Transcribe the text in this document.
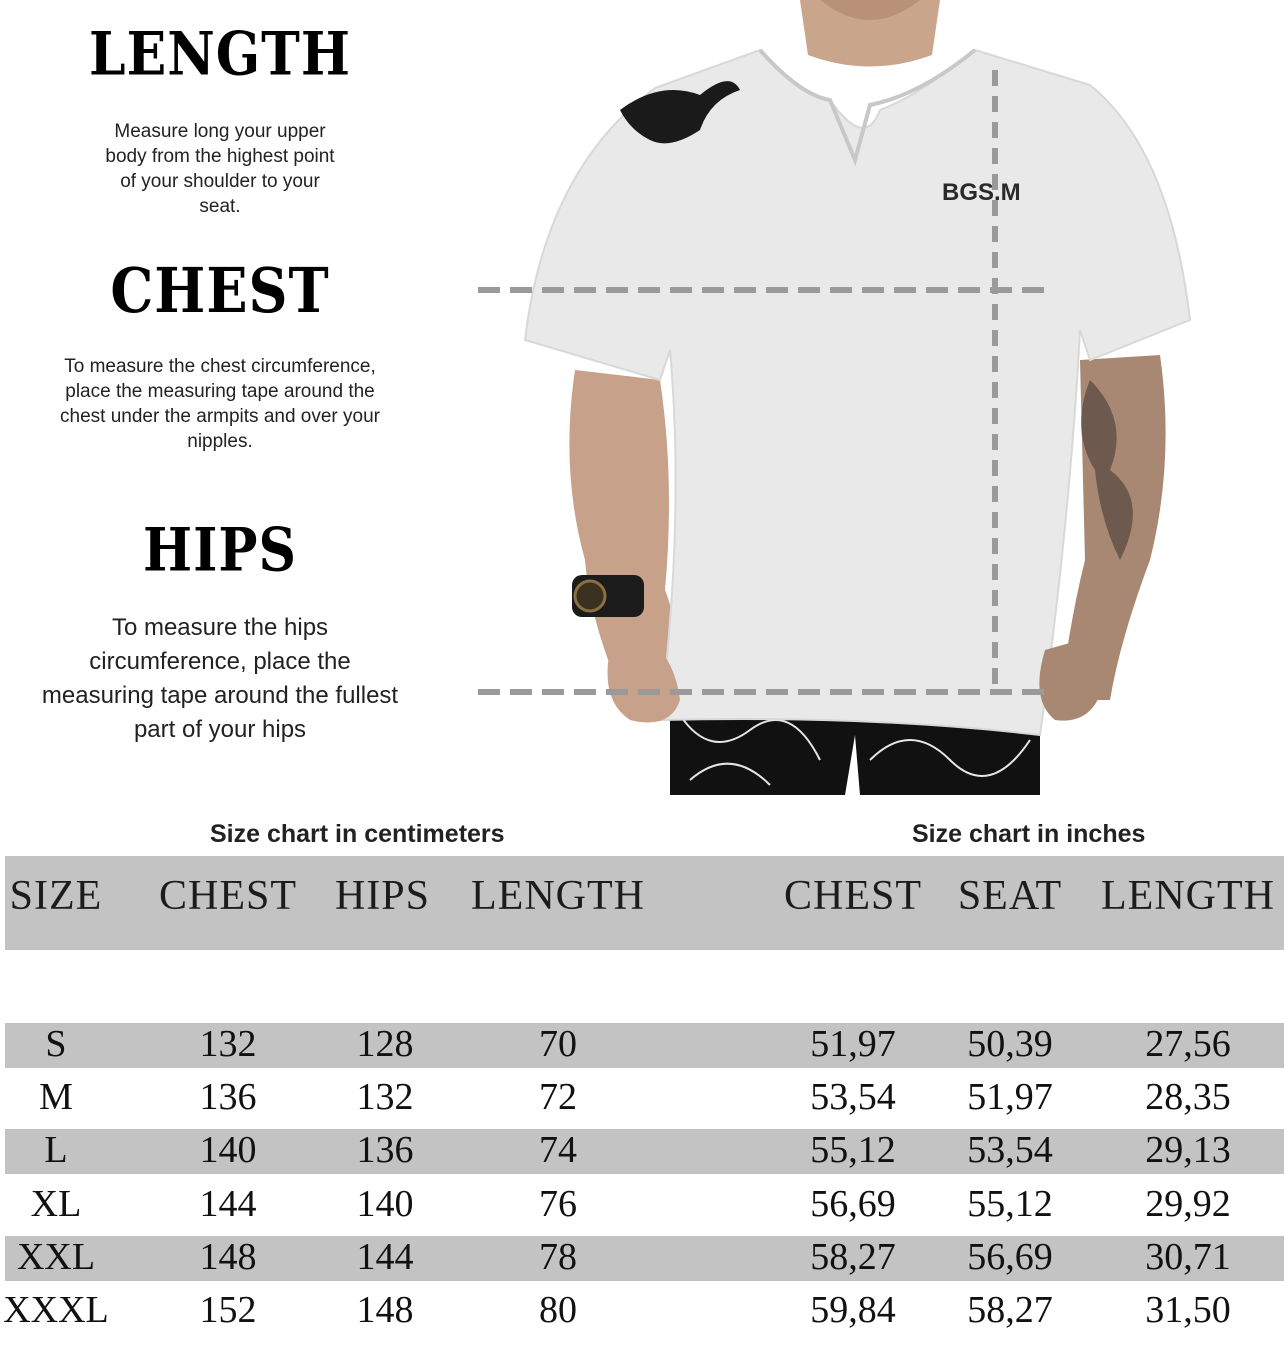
LENGTH

Measure long your upper body from the highest point of your shoulder to your seat.

CHEST

To measure the chest circumference, place the measuring tape around the chest under the armpits and over your nipples.

HIPS

To measure the hips circumference, place the measuring tape around the fullest part of your hips

BGS.M
Size chart in centimeters	Size chart in inches
SIZE CHEST HIPS LENGTH	CHEST SEAT LENGTH
S	132	128	70	51,97	50,39	27,56
M	136	132	72	53,54	51,97	28,35
L	140	136	74	55,12	53,54	29,13
XL	144	140	76	56,69	55,12	29,92
XXL	148	144	78	58,27	56,69	30,71
XXXL	152	148	80	59,84	58,27	31,50
